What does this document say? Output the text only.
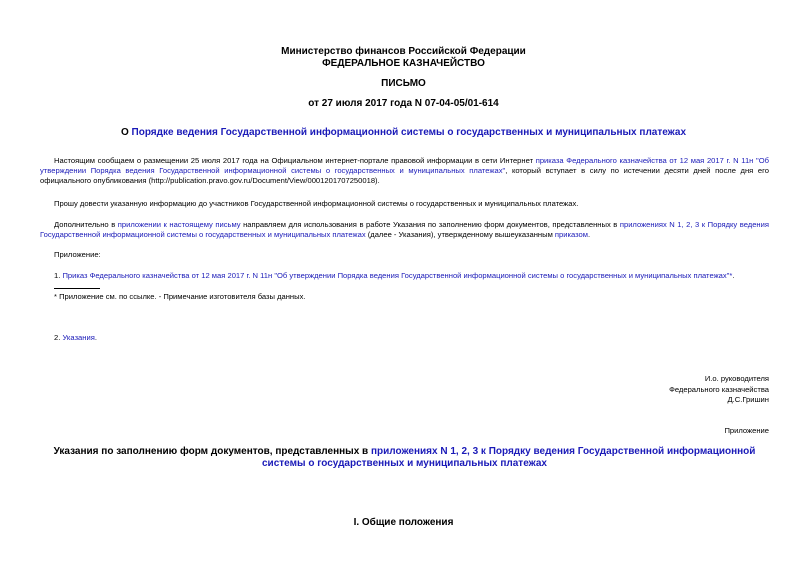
Министерство финансов Российской Федерации
ФЕДЕРАЛЬНОЕ КАЗНАЧЕЙСТВО
ПИСЬМО
от 27 июля 2017 года N 07-04-05/01-614
О Порядке ведения Государственной информационной системы о государственных и муниципальных платежах
Настоящим сообщаем о размещении 25 июля 2017 года на Официальном интернет-портале правовой информации в сети Интернет приказа Федерального казначейства от 12 мая 2017 г. N 11н "Об утверждении Порядка ведения Государственной информационной системы о государственных и муниципальных платежах", который вступает в силу по истечении десяти дней после дня его официального опубликования (http://publication.pravo.gov.ru/Document/View/0001201707250018).
Прошу довести указанную информацию до участников Государственной информационной системы о государственных и муниципальных платежах.
Дополнительно в приложении к настоящему письму направляем для использования в работе Указания по заполнению форм документов, представленных в приложениях N 1, 2, 3 к Порядку ведения Государственной информационной системы о государственных и муниципальных платежах (далее - Указания), утвержденному вышеуказанным приказом.
Приложение:
1. Приказ Федерального казначейства от 12 мая 2017 г. N 11н "Об утверждении Порядка ведения Государственной информационной системы о государственных и муниципальных платежах"*.
* Приложение см. по ссылке. - Примечание изготовителя базы данных.
2. Указания.
И.о. руководителя
Федерального казначейства
Д.С.Гришин
Приложение
Указания по заполнению форм документов, представленных в приложениях N 1, 2, 3 к Порядку ведения Государственной информационной системы о государственных и муниципальных платежах
I. Общие положения
